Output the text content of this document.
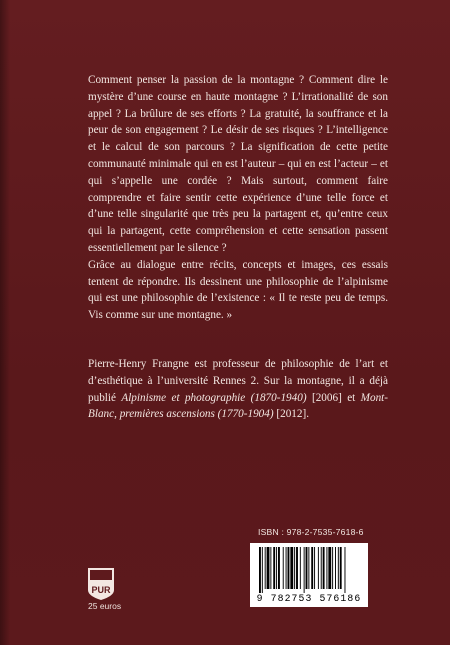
Comment penser la passion de la montagne ? Comment dire le mystère d’une course en haute montagne ? L’irrationalité de son appel ? La brûlure de ses efforts ? La gratuité, la souffrance et la peur de son engagement ? Le désir de ses risques ? L’intelligence et le calcul de son parcours ? La signification de cette petite communauté minimale qui en est l’auteur – qui en est l’acteur – et qui s’appelle une cordée ? Mais surtout, comment faire comprendre et faire sentir cette expérience d’une telle force et d’une telle singularité que très peu la partagent et, qu’entre ceux qui la partagent, cette compréhension et cette sensation passent essentiellement par le silence ?

Grâce au dialogue entre récits, concepts et images, ces essais tentent de répondre. Ils dessinent une philosophie de l’alpinisme qui est une philosophie de l’existence : « Il te reste peu de temps. Vis comme sur une montagne. »

Pierre-Henry Frangne est professeur de philosophie de l’art et d’esthétique à l’université Rennes 2. Sur la montagne, il a déjà publié Alpinisme et photographie (1870-1940) [2006] et Mont-Blanc, premières ascensions (1770-1904) [2012].

ISBN : 978-2-7535-7618-6
9 782753 576186
PUR
25 euros
